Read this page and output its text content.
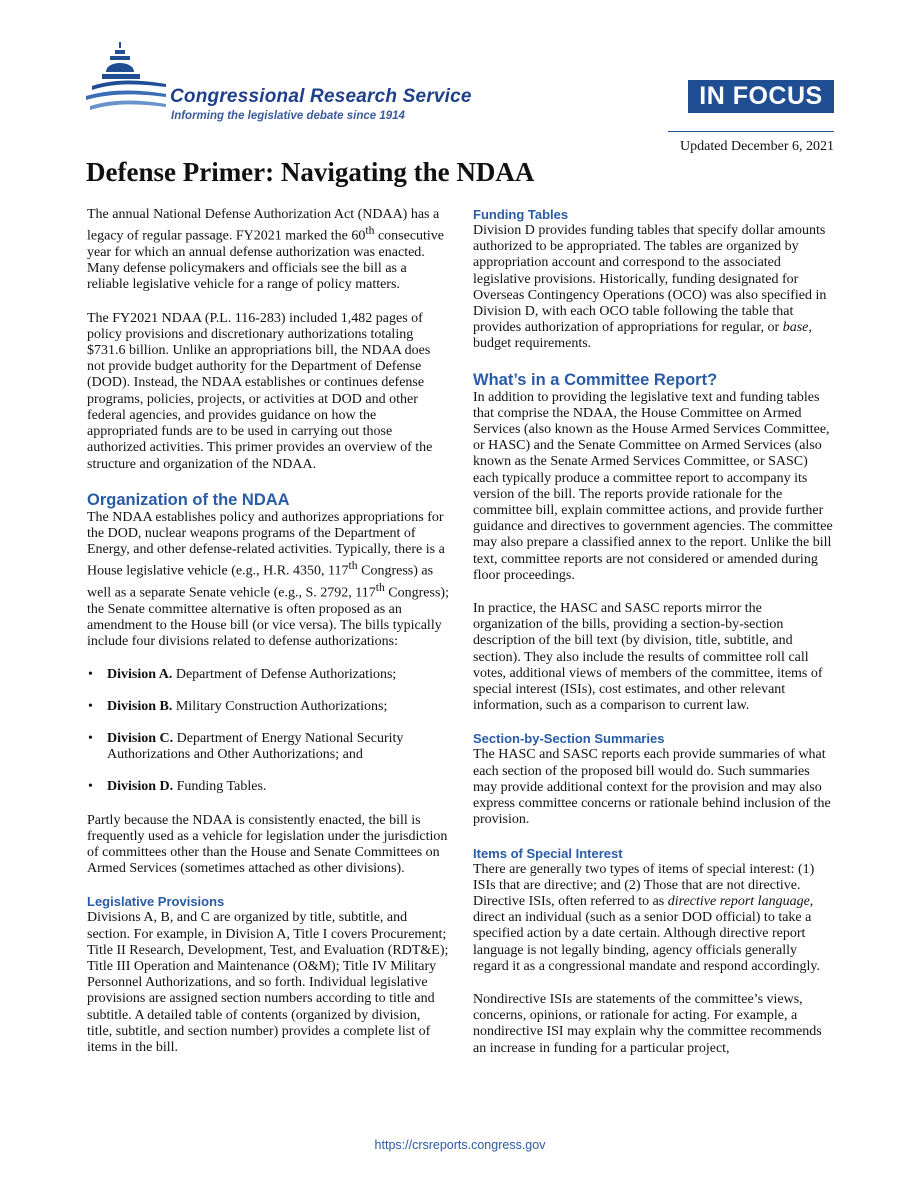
Congressional Research Service
Informing the legislative debate since 1914
IN FOCUS
Updated December 6, 2021
Defense Primer: Navigating the NDAA

The annual National Defense Authorization Act (NDAA) has a legacy of regular passage. FY2021 marked the 60th consecutive year for which an annual defense authorization was enacted. Many defense policymakers and officials see the bill as a reliable legislative vehicle for a range of policy matters.

The FY2021 NDAA (P.L. 116-283) included 1,482 pages of policy provisions and discretionary authorizations totaling $731.6 billion. Unlike an appropriations bill, the NDAA does not provide budget authority for the Department of Defense (DOD). Instead, the NDAA establishes or continues defense programs, policies, projects, or activities at DOD and other federal agencies, and provides guidance on how the appropriated funds are to be used in carrying out those authorized activities. This primer provides an overview of the structure and organization of the NDAA.

Organization of the NDAA

The NDAA establishes policy and authorizes appropriations for the DOD, nuclear weapons programs of the Department of Energy, and other defense-related activities. Typically, there is a House legislative vehicle (e.g., H.R. 4350, 117th Congress) as well as a separate Senate vehicle (e.g., S. 2792, 117th Congress); the Senate committee alternative is often proposed as an amendment to the House bill (or vice versa). The bills typically include four divisions related to defense authorizations:

• Division A. Department of Defense Authorizations;
• Division B. Military Construction Authorizations;
• Division C. Department of Energy National Security Authorizations and Other Authorizations; and
• Division D. Funding Tables.

Partly because the NDAA is consistently enacted, the bill is frequently used as a vehicle for legislation under the jurisdiction of committees other than the House and Senate Committees on Armed Services (sometimes attached as other divisions).

Legislative Provisions

Divisions A, B, and C are organized by title, subtitle, and section. For example, in Division A, Title I covers Procurement; Title II Research, Development, Test, and Evaluation (RDT&E); Title III Operation and Maintenance (O&M); Title IV Military Personnel Authorizations, and so forth. Individual legislative provisions are assigned section numbers according to title and subtitle. A detailed table of contents (organized by division, title, subtitle, and section number) provides a complete list of items in the bill.

Funding Tables

Division D provides funding tables that specify dollar amounts authorized to be appropriated. The tables are organized by appropriation account and correspond to the associated legislative provisions. Historically, funding designated for Overseas Contingency Operations (OCO) was also specified in Division D, with each OCO table following the table that provides authorization of appropriations for regular, or base, budget requirements.

What’s in a Committee Report?

In addition to providing the legislative text and funding tables that comprise the NDAA, the House Committee on Armed Services (also known as the House Armed Services Committee, or HASC) and the Senate Committee on Armed Services (also known as the Senate Armed Services Committee, or SASC) each typically produce a committee report to accompany its version of the bill. The reports provide rationale for the committee bill, explain committee actions, and provide further guidance and directives to government agencies. The committee may also prepare a classified annex to the report. Unlike the bill text, committee reports are not considered or amended during floor proceedings.

In practice, the HASC and SASC reports mirror the organization of the bills, providing a section-by-section description of the bill text (by division, title, subtitle, and section). They also include the results of committee roll call votes, additional views of members of the committee, items of special interest (ISIs), cost estimates, and other relevant information, such as a comparison to current law.

Section-by-Section Summaries

The HASC and SASC reports each provide summaries of what each section of the proposed bill would do. Such summaries may provide additional context for the provision and may also express committee concerns or rationale behind inclusion of the provision.

Items of Special Interest

There are generally two types of items of special interest: (1) ISIs that are directive; and (2) Those that are not directive. Directive ISIs, often referred to as directive report language, direct an individual (such as a senior DOD official) to take a specified action by a date certain. Although directive report language is not legally binding, agency officials generally regard it as a congressional mandate and respond accordingly.

Nondirective ISIs are statements of the committee’s views, concerns, opinions, or rationale for acting. For example, a nondirective ISI may explain why the committee recommends an increase in funding for a particular project,

https://crsreports.congress.gov
